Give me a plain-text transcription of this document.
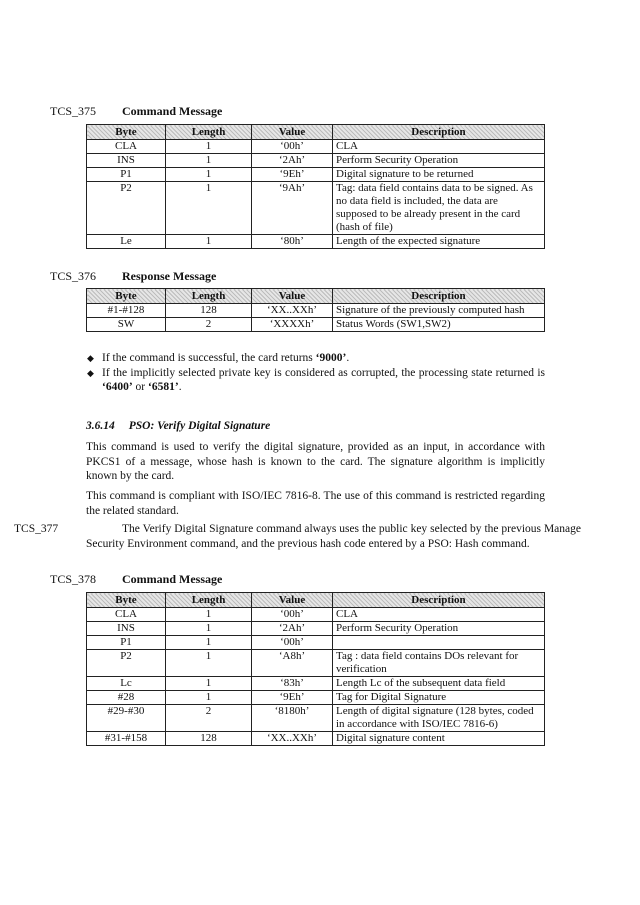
TCS_375 Command Message
Byte	Length	Value	Description
CLA	1	‘00h’	CLA
INS	1	‘2Ah’	Perform Security Operation
P1	1	‘9Eh’	Digital signature to be returned
P2	1	‘9Ah’	Tag: data field contains data to be signed. As no data field is included, the data are supposed to be already present in the card (hash of file)
Le	1	‘80h’	Length of the expected signature
TCS_376 Response Message
Byte	Length	Value	Description
#1-#128	128	‘XX..XXh’	Signature of the previously computed hash
SW	2	‘XXXXh’	Status Words (SW1,SW2)
◆ If the command is successful, the card returns ‘9000’.
◆ If the implicitly selected private key is considered as corrupted, the processing state returned is ‘6400’ or ‘6581’.
3.6.14 PSO: Verify Digital Signature
This command is used to verify the digital signature, provided as an input, in accordance with PKCS1 of a message, whose hash is known to the card. The signature algorithm is implicitly known by the card.
This command is compliant with ISO/IEC 7816-8. The use of this command is restricted regarding the related standard.
TCS_377	The Verify Digital Signature command always uses the public key selected by the previous Manage Security Environment command, and the previous hash code entered by a PSO: Hash command.
TCS_378 Command Message
Byte	Length	Value	Description
CLA	1	‘00h’	CLA
INS	1	‘2Ah’	Perform Security Operation
P1	1	‘00h’	
P2	1	‘A8h’	Tag : data field contains DOs relevant for verification
Lc	1	‘83h’	Length Lc of the subsequent data field
#28	1	‘9Eh’	Tag for Digital Signature
#29-#30	2	‘8180h’	Length of digital signature (128 bytes, coded in accordance with ISO/IEC 7816-6)
#31-#158	128	‘XX..XXh’	Digital signature content
